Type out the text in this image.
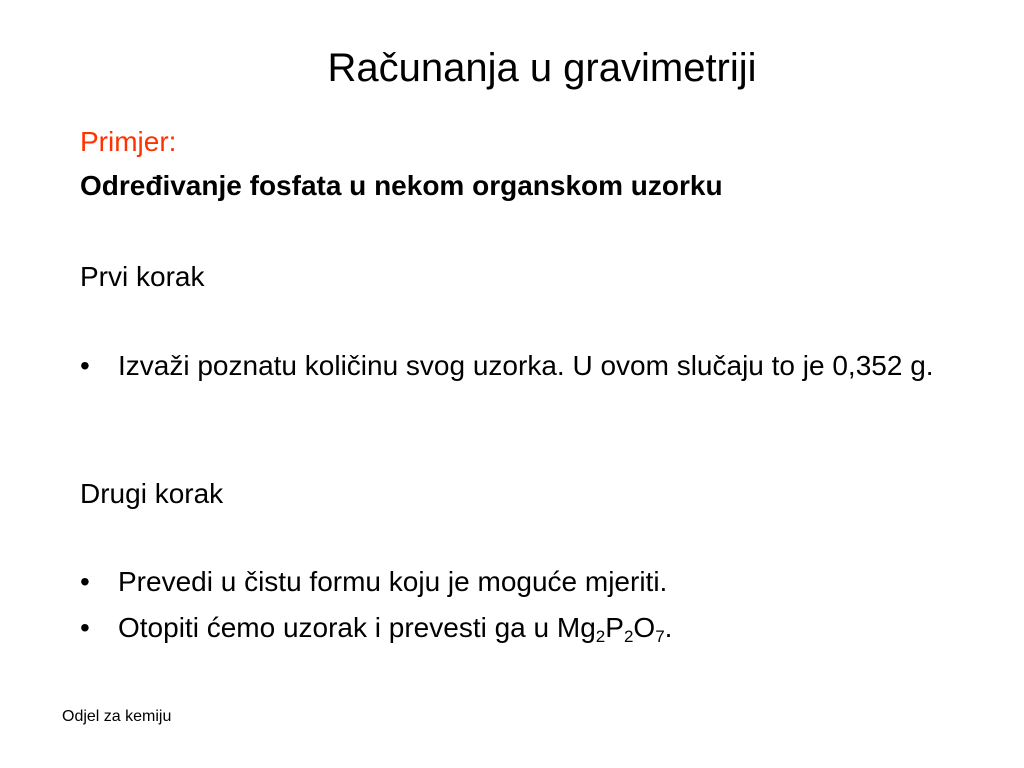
Računanja u gravimetriji
Primjer:
Određivanje fosfata u nekom organskom uzorku
Prvi korak
•	Izvaži poznatu količinu svog uzorka. U ovom slučaju to je 0,352 g.
Drugi korak
•	Prevedi u čistu formu koju je moguće mjeriti.
•	Otopiti ćemo uzorak i prevesti ga u $Mg_2P_2O_7$.
Odjel za kemiju
